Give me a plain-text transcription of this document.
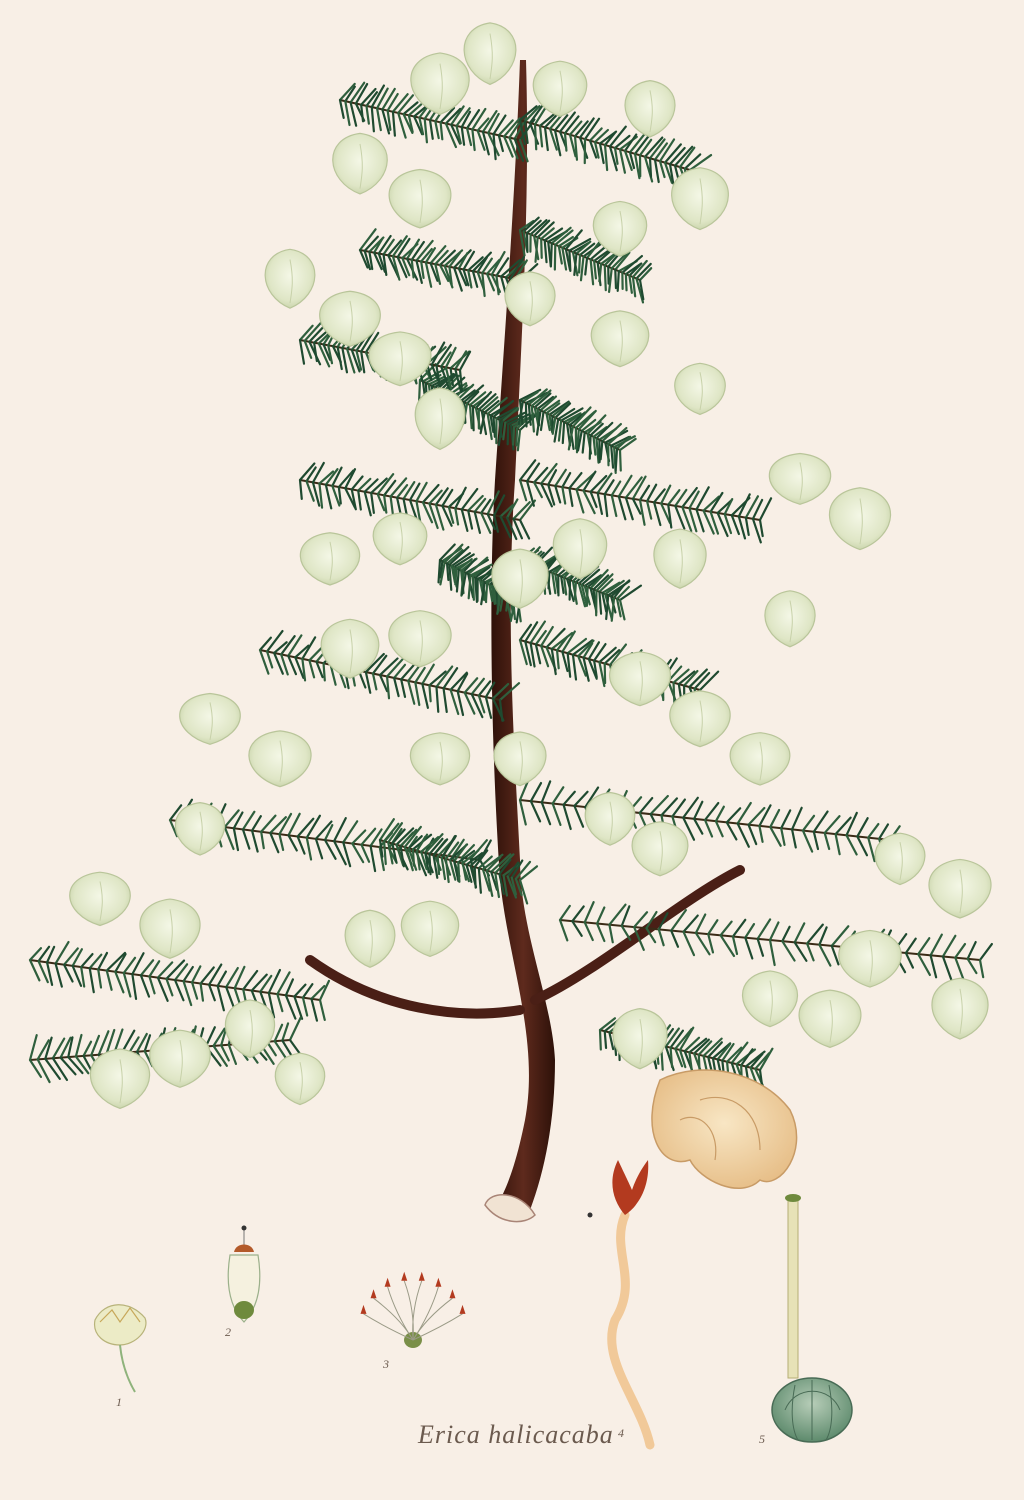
Erica halicacaba
1
2
3
4	5
